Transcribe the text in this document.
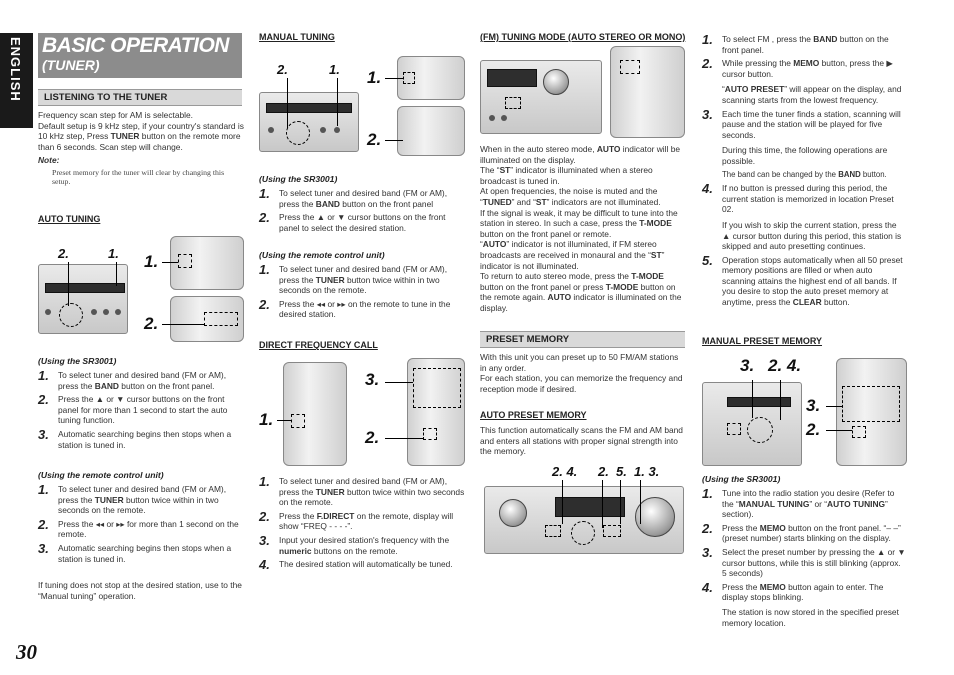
ENGLISH BASIC OPERATION
(TUNER)
30
LISTENING TO THE TUNER
Frequency scan step for AM is selectable.
Default setup is 9 kHz step, if your country's standard is 10 kHz step, Press TUNER button on the remote more than 6 seconds. Scan step will change.
Note:
Preset memory for the tuner will clear by changing this setup.
AUTO TUNING
2.	1. 1.
2.
(Using the SR3001)
1.	To select tuner and desired band (FM or AM), press the BAND button on the front panel.
2.	Press the ▲ or ▼ cursor buttons on the front panel for more than 1 second to start the auto tuning function.
3.	Automatic searching begins then stops when a station is tuned in.
(Using the remote control unit)
1.	To select tuner and desired band (FM or AM), press the TUNER button twice within in two seconds on the remote.
2.	Press the ◂◂ or ▸▸ for more than 1 second on the remote.
3.	Automatic searching begins then stops when a station is tuned in.
If tuning does not stop at the desired station, use to the “Manual tuning” operation.
MANUAL TUNING
2.	1. 1.
2.
(Using the SR3001)
1.	To select tuner and desired band (FM or AM), press the BAND button on the front panel
2.	Press the ▲ or ▼ cursor buttons on the front panel to select the desired station.
(Using the remote control unit)
1.	To select tuner and desired band (FM or AM), press the TUNER button twice within in two seconds on the remote.
2.	Press the ◂◂ or ▸▸ on the remote to tune in the desired station.
DIRECT FREQUENCY CALL
3.
1.
2.
1.	To select tuner and desired band (FM or AM), press the TUNER button twice within two seconds on the remote.
2.	Press the F.DIRECT on the remote, display will show “FREQ - - - -”.
3.	Input your desired station's frequency with the numeric buttons on the remote.
4.	The desired station will automatically be tuned.
(FM) TUNING MODE (AUTO STEREO OR MONO)
When in the auto stereo mode, AUTO indicator will be illuminated on the display.
The “ST” indicator is illuminated when a stereo broadcast is tuned in.
At open frequencies, the noise is muted and the “TUNED” and “ST” indicators are not illuminated.
If the signal is weak, it may be difficult to tune into the station in stereo. In such a case, press the T-MODE button on the front panel or remote.
“AUTO” indicator is not illuminated, if FM stereo broadcasts are received in monaural and the “ST” indicator is not illuminated.
To return to auto stereo mode, press the T-MODE button on the front panel or press T-MODE button on the remote again. AUTO indicator is illuminated on the display.
PRESET MEMORY
With this unit you can preset up to 50 FM/AM stations in any order.
For each station, you can memorize the frequency and reception mode if desired.
AUTO PRESET MEMORY
This function automatically scans the FM and AM band and enters all stations with proper signal strength into the memory.
2. 4. 2. 5. 1. 3.
1.	To select FM , press the BAND button on the front panel.
2.	While pressing the MEMO button, press the ▶ cursor button.
“AUTO PRESET” will appear on the display, and scanning starts from the lowest frequency.
3.	Each time the tuner finds a station, scanning will pause and the station will be played for five seconds.
During this time, the following operations are possible.
The band can be changed by the BAND button.
4.	If no button is pressed during this period, the current station is memorized in location Preset 02.
If you wish to skip the current station, press the ▲ cursor button during this period, this station is skipped and auto presetting continues.
5.	Operation stops automatically when all 50 preset memory positions are filled or when auto scanning attains the highest end of all bands. If you desire to stop the auto preset memory at anytime, press the CLEAR button.
MANUAL PRESET MEMORY
3. 2. 4.
3.
2.
(Using the SR3001)
1.	Tune into the radio station you desire (Refer to the “MANUAL TUNING” or “AUTO TUNING” section).
2.	Press the MEMO button on the front panel. “– –” (preset number) starts blinking on the display.
3.	Select the preset number by pressing the ▲ or ▼ cursor buttons, while this is still blinking (approx. 5 seconds)
4.	Press the MEMO button again to enter. The display stops blinking.
The station is now stored in the specified preset memory location.
